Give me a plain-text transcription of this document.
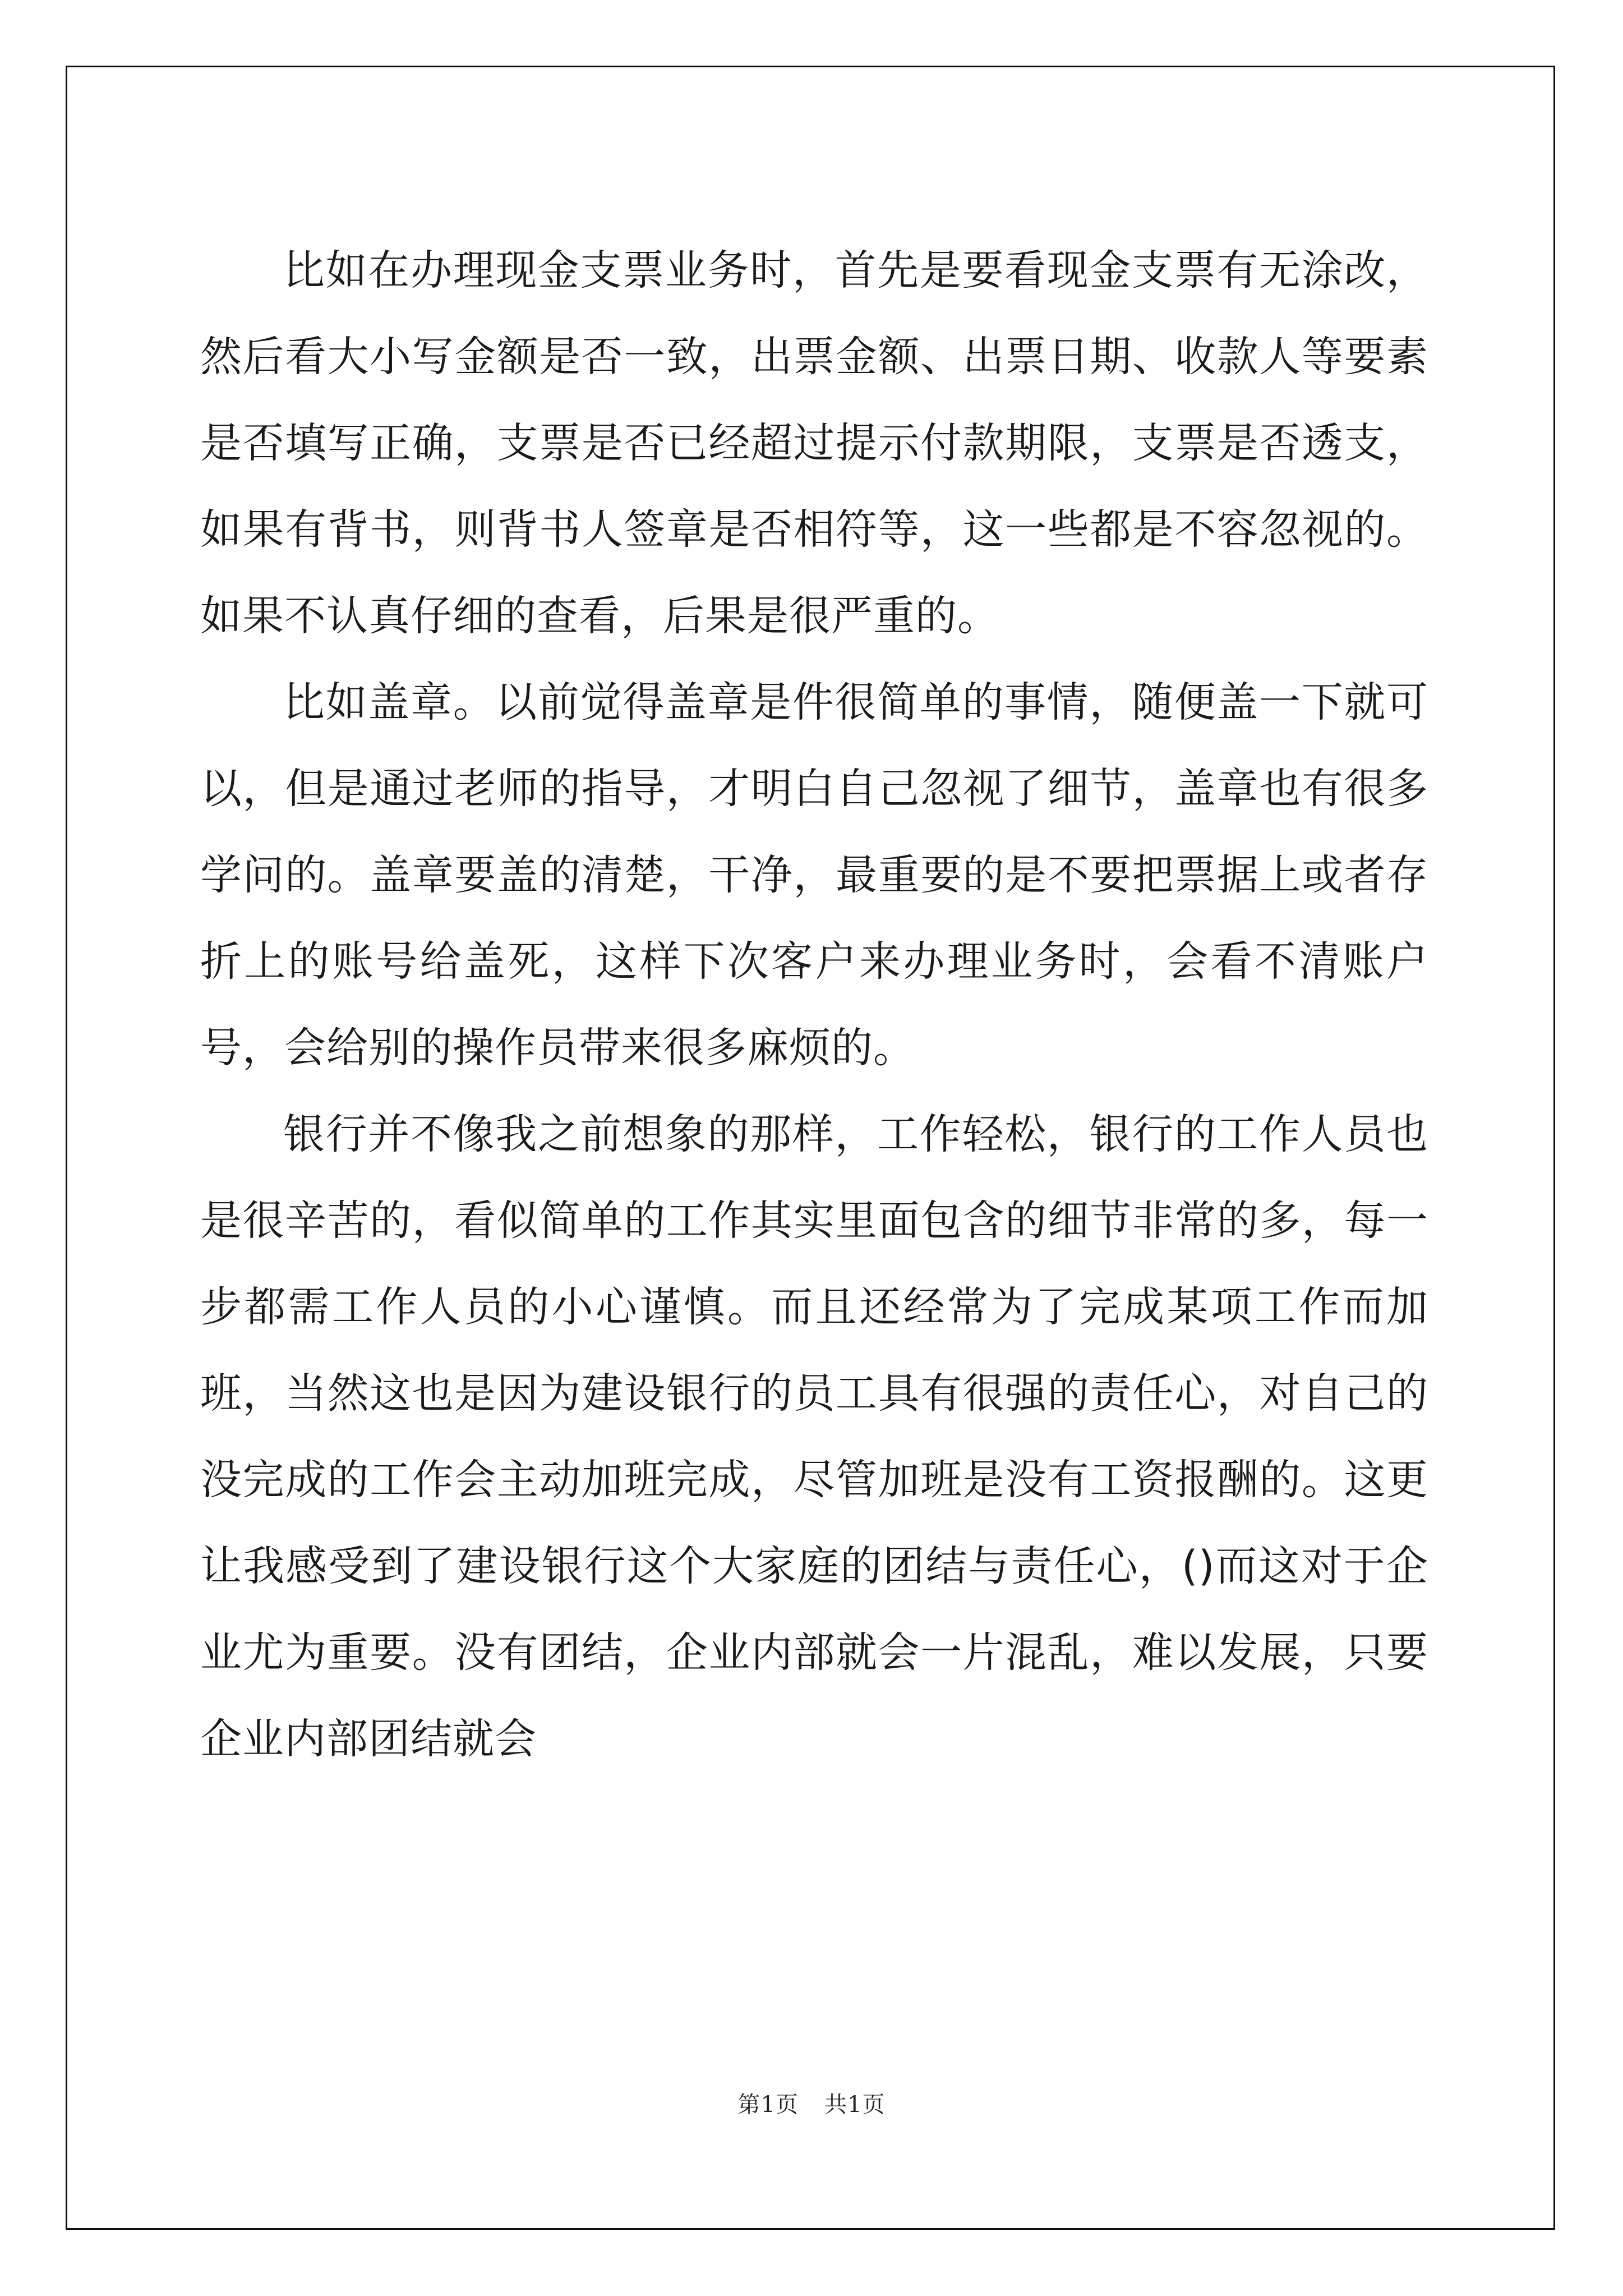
比如在办理现金支票业务时，首先是要看现金支票有无涂改，然后看大小写金额是否一致，出票金额、出票日期、收款人等要素是否填写正确，支票是否已经超过提示付款期限，支票是否透支，如果有背书，则背书人签章是否相符等，这一些都是不容忽视的。如果不认真仔细的查看，后果是很严重的。

比如盖章。以前觉得盖章是件很简单的事情，随便盖一下就可以，但是通过老师的指导，才明白自己忽视了细节，盖章也有很多学问的。盖章要盖的清楚，干净，最重要的是不要把票据上或者存折上的账号给盖死，这样下次客户来办理业务时，会看不清账户号，会给别的操作员带来很多麻烦的。

银行并不像我之前想象的那样，工作轻松，银行的工作人员也是很辛苦的，看似简单的工作其实里面包含的细节非常的多，每一步都需工作人员的小心谨慎。而且还经常为了完成某项工作而加班，当然这也是因为建设银行的员工具有很强的责任心，对自己的没完成的工作会主动加班完成，尽管加班是没有工资报酬的。这更让我感受到了建设银行这个大家庭的团结与责任心，()而这对于企业尤为重要。没有团结，企业内部就会一片混乱，难以发展，只要企业内部团结就会

第1页 共1页
